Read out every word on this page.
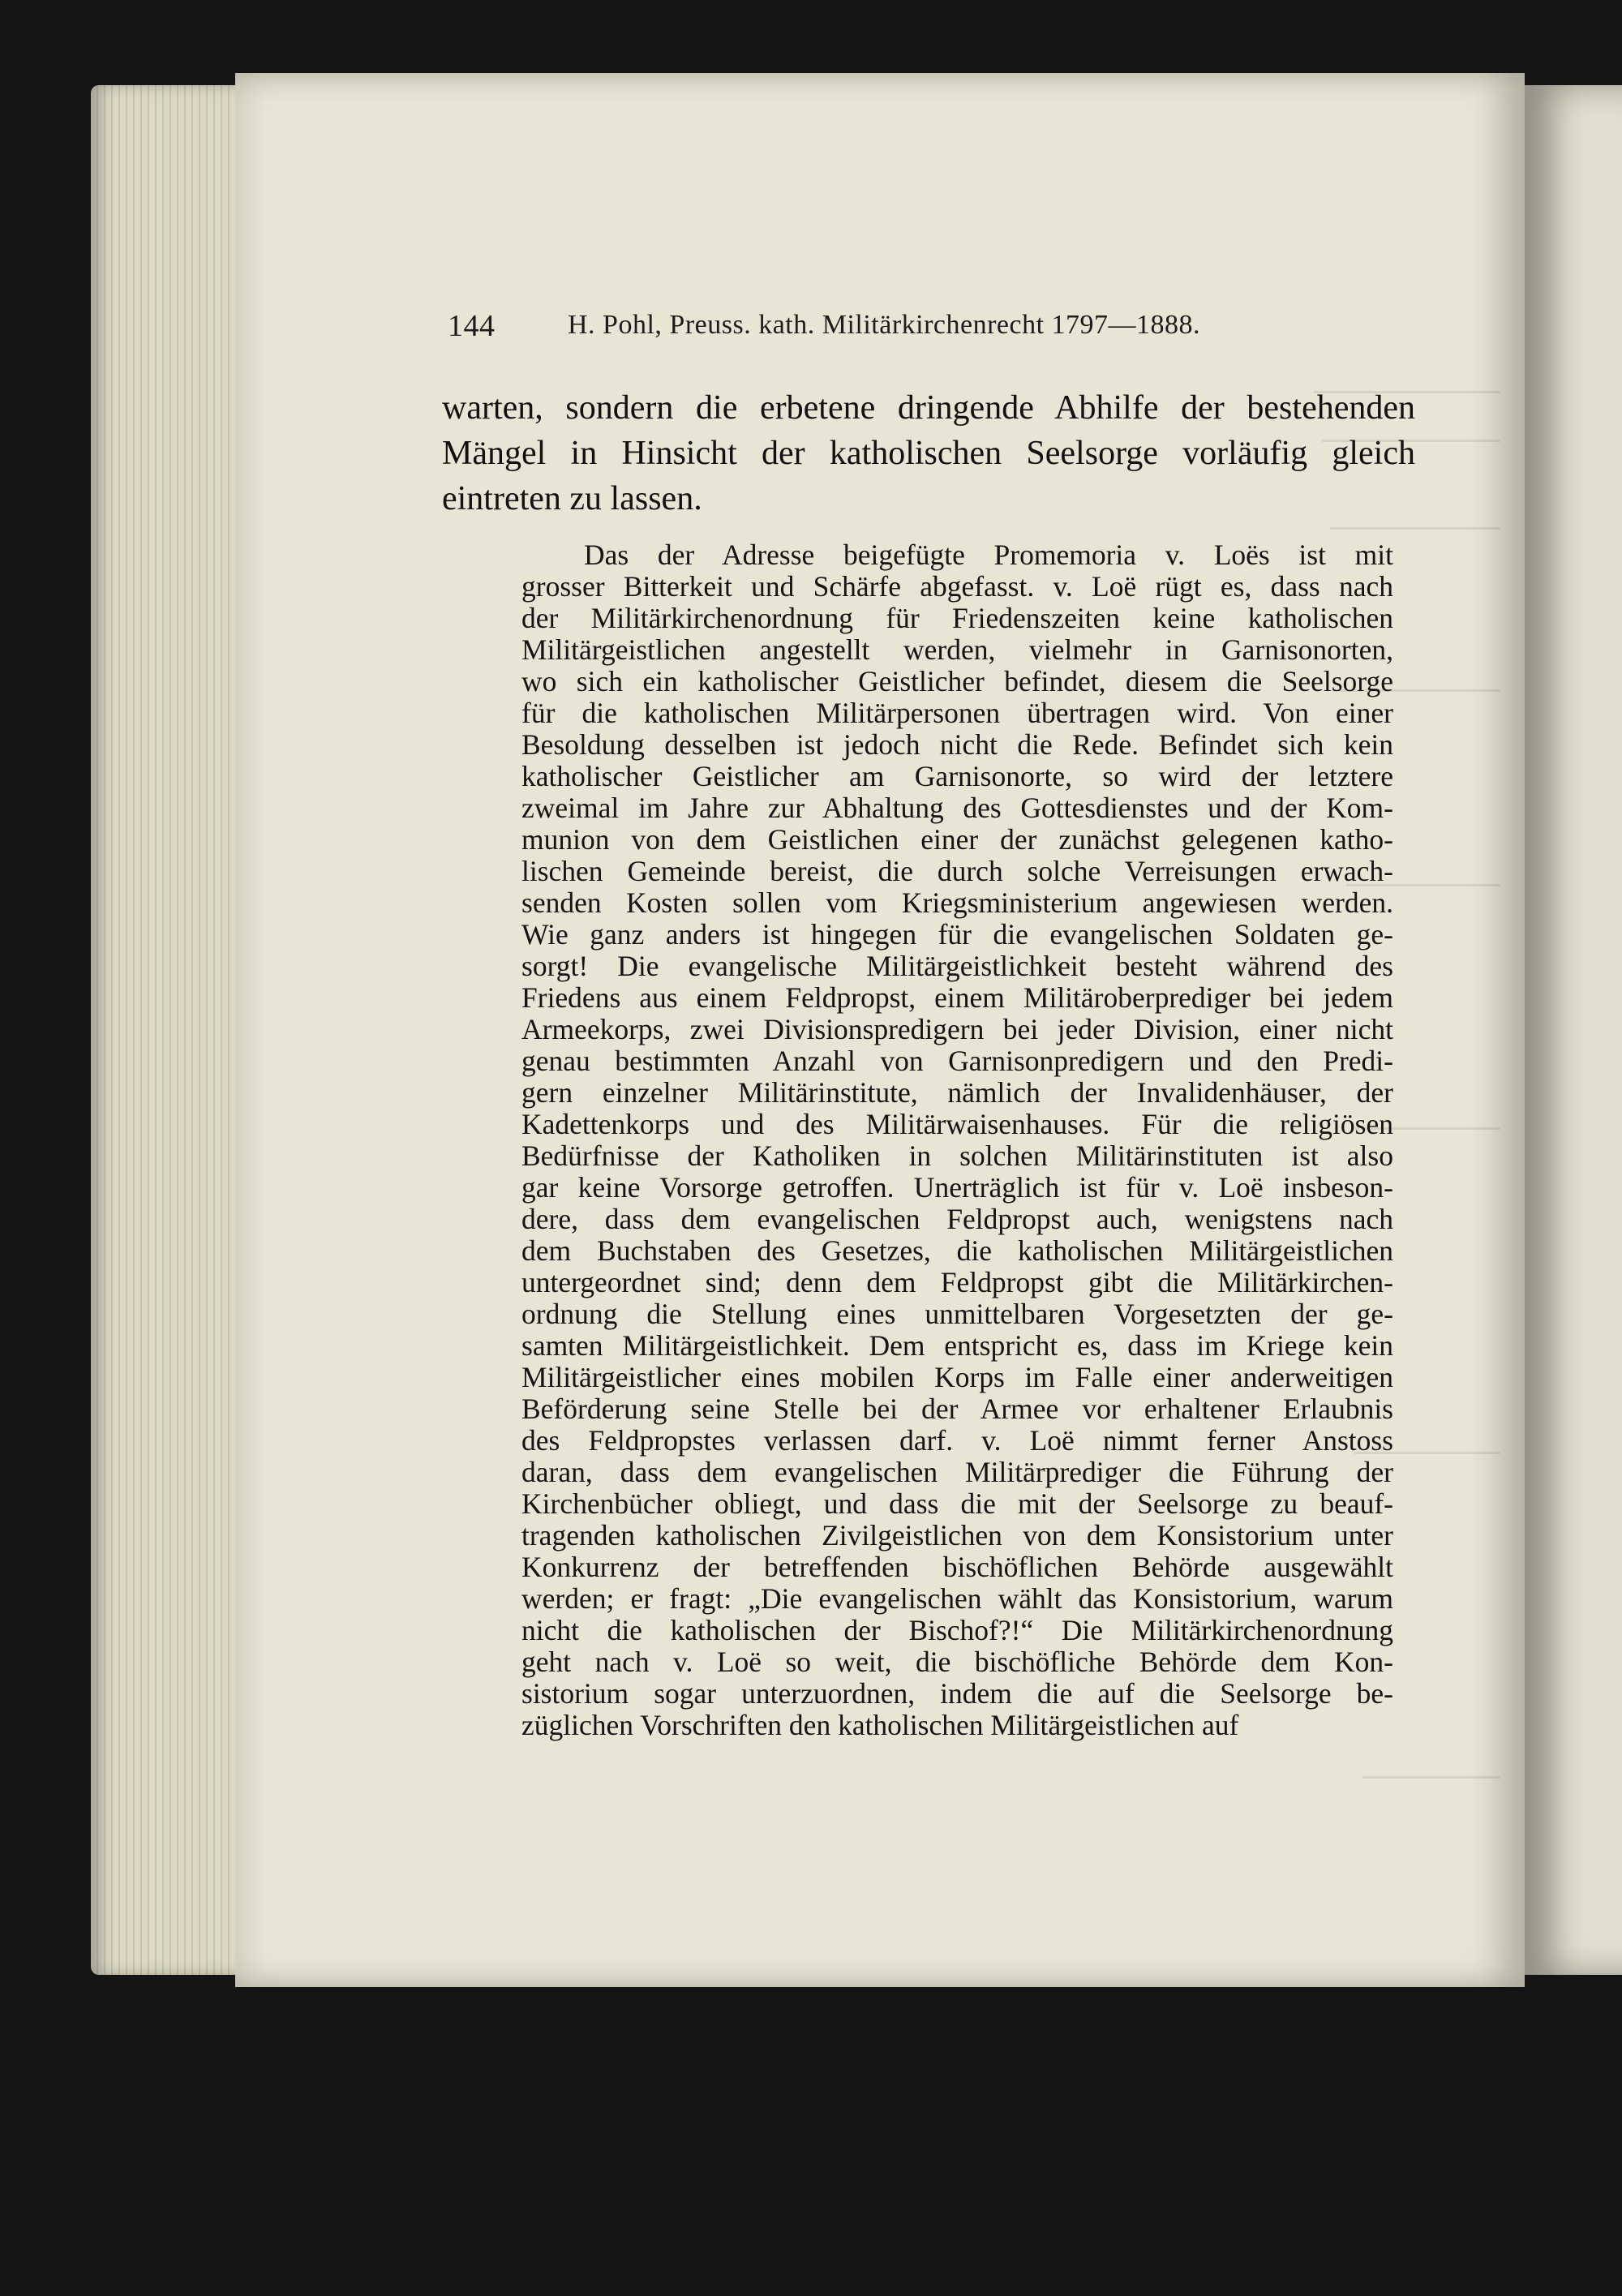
144	H. Pohl, Preuss. kath. Militärkirchenrecht 1797—1888.
warten, sondern die erbetene dringende Abhilfe der bestehenden
Mängel in Hinsicht der katholischen Seelsorge vorläufig gleich
eintreten zu lassen.
Das der Adresse beigefügte Promemoria v. Loës ist mit
grosser Bitterkeit und Schärfe abgefasst. v. Loë rügt es, dass nach
der Militärkirchenordnung für Friedenszeiten keine katholischen
Militärgeistlichen angestellt werden, vielmehr in Garnisonorten,
wo sich ein katholischer Geistlicher befindet, diesem die Seelsorge
für die katholischen Militärpersonen übertragen wird. Von einer
Besoldung desselben ist jedoch nicht die Rede. Befindet sich kein
katholischer Geistlicher am Garnisonorte, so wird der letztere
zweimal im Jahre zur Abhaltung des Gottesdienstes und der Kom-
munion von dem Geistlichen einer der zunächst gelegenen katho-
lischen Gemeinde bereist, die durch solche Verreisungen erwach-
senden Kosten sollen vom Kriegsministerium angewiesen werden.
Wie ganz anders ist hingegen für die evangelischen Soldaten ge-
sorgt! Die evangelische Militärgeistlichkeit besteht während des
Friedens aus einem Feldpropst, einem Militäroberprediger bei jedem
Armeekorps, zwei Divisionspredigern bei jeder Division, einer nicht
genau bestimmten Anzahl von Garnisonpredigern und den Predi-
gern einzelner Militärinstitute, nämlich der Invalidenhäuser, der
Kadettenkorps und des Militärwaisenhauses. Für die religiösen
Bedürfnisse der Katholiken in solchen Militärinstituten ist also
gar keine Vorsorge getroffen. Unerträglich ist für v. Loë insbeson-
dere, dass dem evangelischen Feldpropst auch, wenigstens nach
dem Buchstaben des Gesetzes, die katholischen Militärgeistlichen
untergeordnet sind; denn dem Feldpropst gibt die Militärkirchen-
ordnung die Stellung eines unmittelbaren Vorgesetzten der ge-
samten Militärgeistlichkeit. Dem entspricht es, dass im Kriege kein
Militärgeistlicher eines mobilen Korps im Falle einer anderweitigen
Beförderung seine Stelle bei der Armee vor erhaltener Erlaubnis
des Feldpropstes verlassen darf. v. Loë nimmt ferner Anstoss
daran, dass dem evangelischen Militärprediger die Führung der
Kirchenbücher obliegt, und dass die mit der Seelsorge zu beauf-
tragenden katholischen Zivilgeistlichen von dem Konsistorium unter
Konkurrenz der betreffenden bischöflichen Behörde ausgewählt
werden; er fragt: „Die evangelischen wählt das Konsistorium, warum
nicht die katholischen der Bischof?!“ Die Militärkirchenordnung
geht nach v. Loë so weit, die bischöfliche Behörde dem Kon-
sistorium sogar unterzuordnen, indem die auf die Seelsorge be-
züglichen Vorschriften den katholischen Militärgeistlichen auf
